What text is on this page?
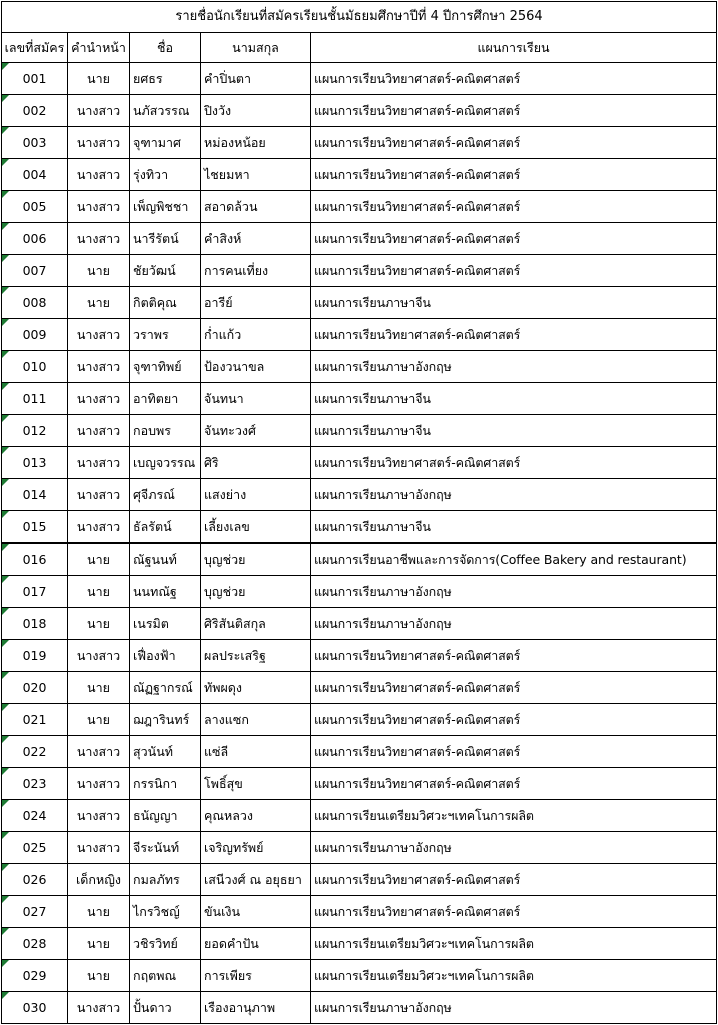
รายชื่อนักเรียนที่สมัครเรียนชั้นมัธยมศึกษาปีที่ 4 ปีการศึกษา 2564				
เลขที่สมัคร	คำนำหน้า	ชื่อ	นามสกุล	แผนการเรียน

001	นาย	ยศธร	คำปิ่นตา	แผนการเรียนวิทยาศาสตร์-คณิตศาสตร์

002	นางสาว	นภัสวรรณ	ปิงวัง	แผนการเรียนวิทยาศาสตร์-คณิตศาสตร์

003	นางสาว	จุฑามาศ	หม่องหน้อย	แผนการเรียนวิทยาศาสตร์-คณิตศาสตร์

004	นางสาว	รุ่งทิวา	ไชยมหา	แผนการเรียนวิทยาศาสตร์-คณิตศาสตร์

005	นางสาว	เพ็ญพิชชา	สอาดล้วน	แผนการเรียนวิทยาศาสตร์-คณิตศาสตร์

006	นางสาว	นารีรัตน์	คำสิงห์	แผนการเรียนวิทยาศาสตร์-คณิตศาสตร์

007	นาย	ชัยวัฒน์	การคนเที่ยง	แผนการเรียนวิทยาศาสตร์-คณิตศาสตร์

008	นาย	กิตติคุณ	อารีย์	แผนการเรียนภาษาจีน

009	นางสาว	วราพร	ก่ำแก้ว	แผนการเรียนวิทยาศาสตร์-คณิตศาสตร์

010	นางสาว	จุฑาทิพย์	ป้องวนาขล	แผนการเรียนภาษาอังกฤษ

011	นางสาว	อาทิตยา	จันทนา	แผนการเรียนภาษาจีน

012	นางสาว	กอบพร	จันทะวงศ์	แผนการเรียนภาษาจีน

013	นางสาว	เบญจวรรณ	ศิริ	แผนการเรียนวิทยาศาสตร์-คณิตศาสตร์

014	นางสาว	ศุจีภรณ์	แสงย่าง	แผนการเรียนภาษาอังกฤษ

015	นางสาว	ธัลรัตน์	เลี้ยงเลข	แผนการเรียนภาษาจีน

016	นาย	ณัฐนนท์	บุญช่วย	แผนการเรียนอาชีพและการจัดการ(Coffee Bakery and restaurant)

017	นาย	นนทณัฐ	บุญช่วย	แผนการเรียนภาษาอังกฤษ

018	นาย	เนรมิต	ศิริสันติสกุล	แผนการเรียนภาษาอังกฤษ

019	นางสาว	เฟื่องฟ้า	ผลประเสริฐ	แผนการเรียนวิทยาศาสตร์-คณิตศาสตร์

020	นาย	ณัฏฐากรณ์	ทัพผดุง	แผนการเรียนวิทยาศาสตร์-คณิตศาสตร์

021	นาย	ฌฎารินทร์	ลางแซก	แผนการเรียนวิทยาศาสตร์-คณิตศาสตร์

022	นางสาว	สุวนันท์	แซ่ลี	แผนการเรียนวิทยาศาสตร์-คณิตศาสตร์

023	นางสาว	กรรนิกา	โพธิ์สุข	แผนการเรียนวิทยาศาสตร์-คณิตศาสตร์

024	นางสาว	ธนัญญา	คุณหลวง	แผนการเรียนเตรียมวิศวะฯเทคโนการผลิต

025	นางสาว	จีระนันท์	เจริญทรัพย์	แผนการเรียนภาษาอังกฤษ

026	เด็กหญิง	กมลภัทร	เสนีวงศ์ ณ อยุธยา	แผนการเรียนวิทยาศาสตร์-คณิตศาสตร์

027	นาย	ไกรวิชญ์	ขันเงิน	แผนการเรียนวิทยาศาสตร์-คณิตศาสตร์

028	นาย	วชิรวิทย์	ยอดคำปัน	แผนการเรียนเตรียมวิศวะฯเทคโนการผลิต

029	นาย	กฤตพณ	การเพียร	แผนการเรียนเตรียมวิศวะฯเทคโนการผลิต

030	นางสาว	ปั้นดาว	เรืองอานุภาพ	แผนการเรียนภาษาอังกฤษ
